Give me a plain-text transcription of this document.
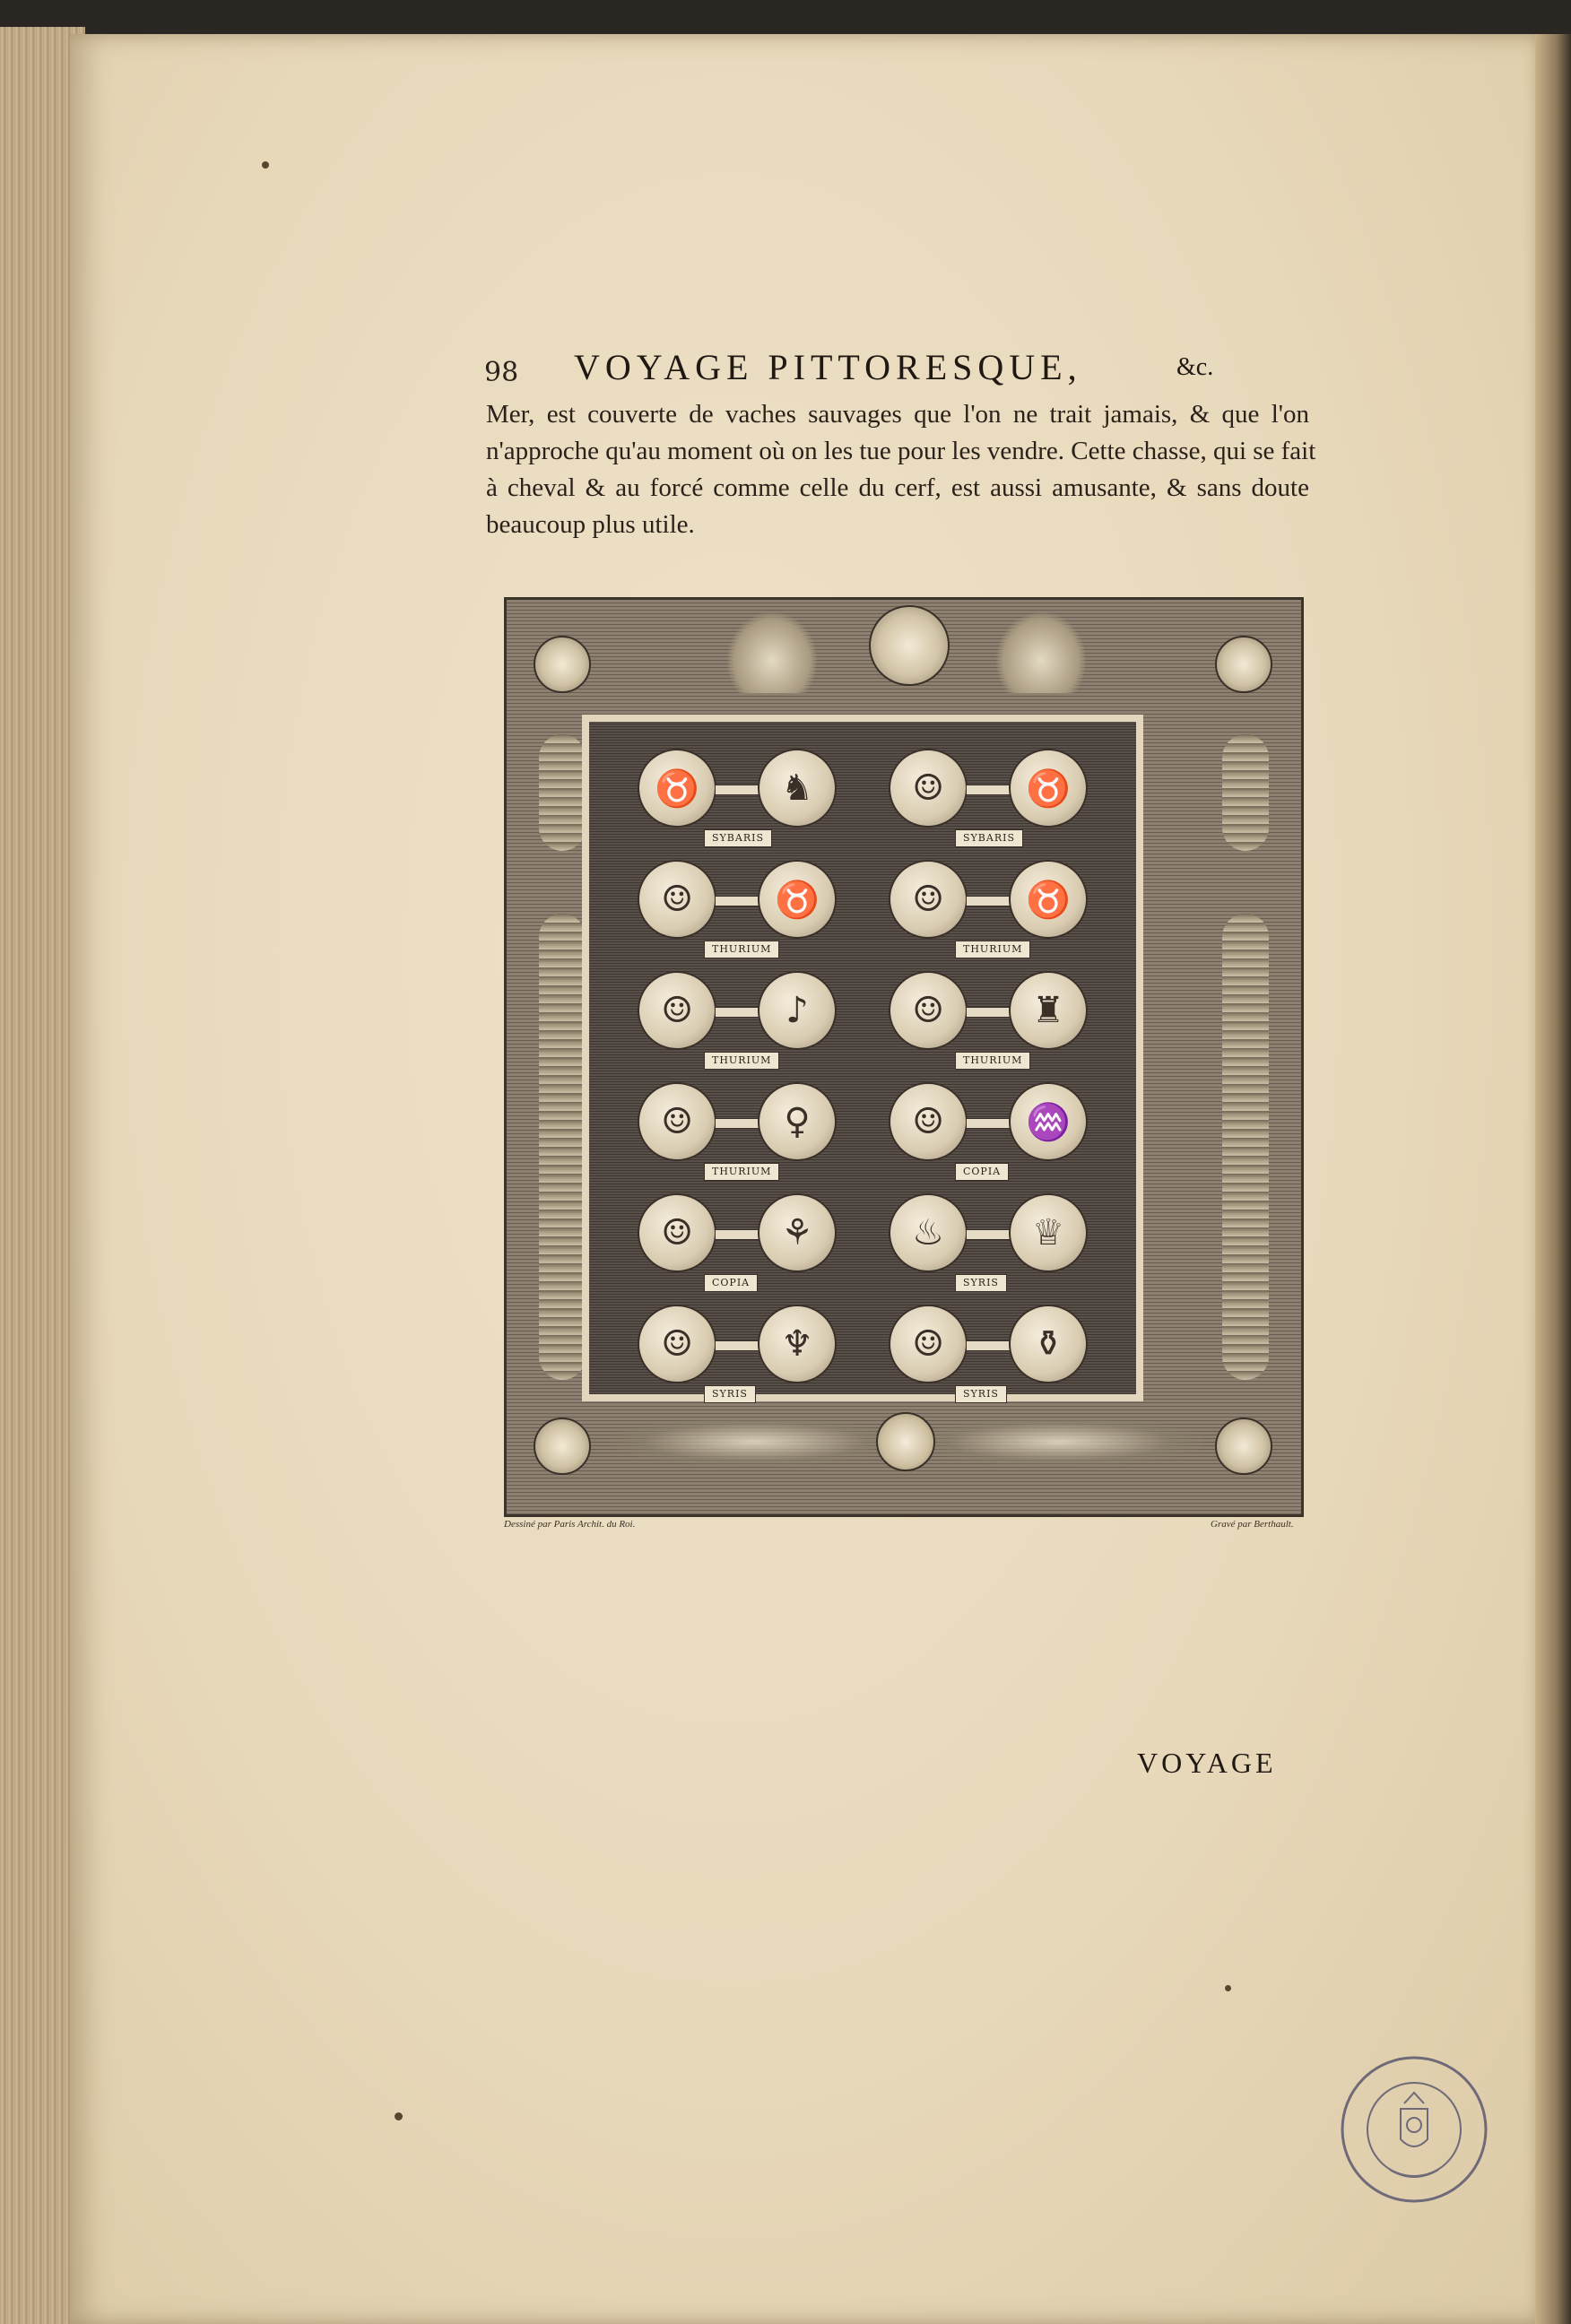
98 VOYAGE PITTORESQUE,	&c.
Mer, est couverte de vaches sauvages que l'on ne trait jamais, & que l'on
n'approche qu'au moment où on les tue pour les vendre. Cette chasse, qui se fait
à cheval & au forcé comme celle du cerf, est aussi amusante, & sans doute
beaucoup plus utile.
♉	♞
SYBARIS
☺	♉
THURIUM
☺	♪
THURIUM
☺	♀
THURIUM
☺	⚘
COPIA
☺	♆
SYRIS
☺	♉
SYBARIS
☺	♉
THURIUM
☺	♜
THURIUM
☺	♒
COPIA
♨	♕
SYRIS
☺	⚱
SYRIS
Dessiné par Paris Archit. du Roi.	Gravé par Berthault.
VOYAGE
